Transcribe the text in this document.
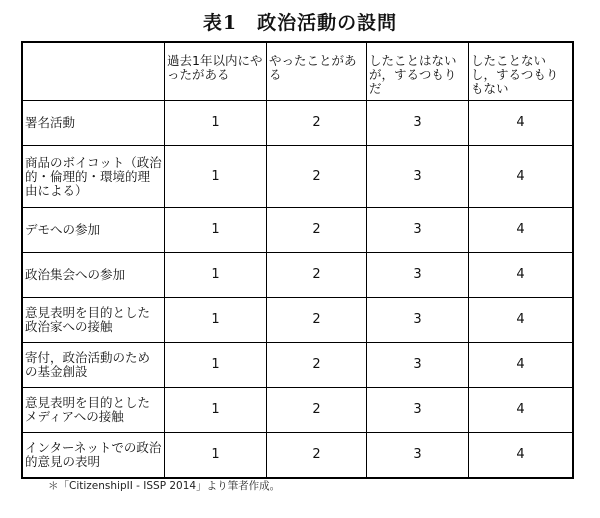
表1　政治活動の設問
	過去1年以内にやったがある	やったことがある	したことはないが，するつもりだ	したことないし，するつもりもない
署名活動	1	2	3	4
商品のボイコット（政治的・倫理的・環境的理由による）	1	2	3	4
デモへの参加	1	2	3	4
政治集会への参加	1	2	3	4
意見表明を目的とした政治家への接触	1	2	3	4
寄付，政治活動のための基金創設	1	2	3	4
意見表明を目的としたメディアへの接触	1	2	3	4
インターネットでの政治的意見の表明	1	2	3	4
＊「CitizenshipII - ISSP 2014」より筆者作成。
